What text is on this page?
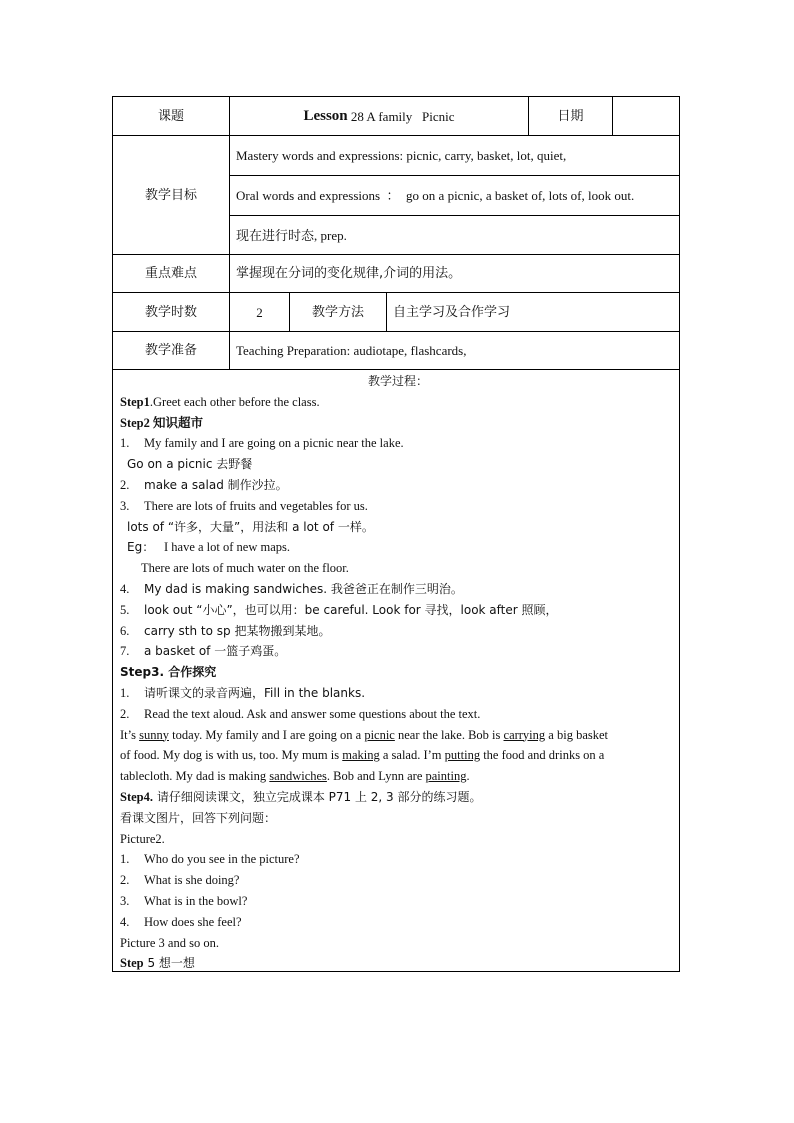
课题	Lesson 28 A family   Picnic	日期
教学目标
Mastery words and expressions: picnic, carry, basket, lot, quiet,
Oral words and expressions  ：  go on a picnic, a basket of, lots of, look out.
现在进行时态, prep.
重点难点	掌握现在分词的变化规律,介词的用法。
教学时数	2	教学方法	自主学习及合作学习
教学准备	Teaching Preparation: audiotape, flashcards,
教学过程：
Step1.Greet each other before the class.
Step2 知识超市
1. My family and I are going on a picnic near the lake.
Go on a picnic 去野餐
2. make a salad 制作沙拉。
3. There are lots of fruits and vegetables for us.
lots of “许多，大量”，用法和 a lot of 一样。
Eg： I have a lot of new maps.
There are lots of much water on the floor.
4. My dad is making sandwiches. 我爸爸正在制作三明治。
5. look out “小心”，也可以用：be careful. Look for 寻找，look after 照顾，
6. carry sth to sp 把某物搬到某地。
7. a basket of 一篮子鸡蛋。
Step3. 合作探究
1. 请听课文的录音两遍，Fill in the blanks.
2. Read the text aloud. Ask and answer some questions about the text.
It’s sunny today. My family and I are going on a picnic near the lake. Bob is carrying a big basket
of food. My dog is with us, too. My mum is making a salad. I’m putting the food and drinks on a
tablecloth. My dad is making sandwiches. Bob and Lynn are painting.
Step4. 请仔细阅读课文，独立完成课本 P71 上 2, 3 部分的练习题。
看课文图片，回答下列问题：
Picture2.
1. Who do you see in the picture?
2. What is she doing?
3. What is in the bowl?
4. How does she feel?
Picture 3 and so on.
Step 5 想一想
